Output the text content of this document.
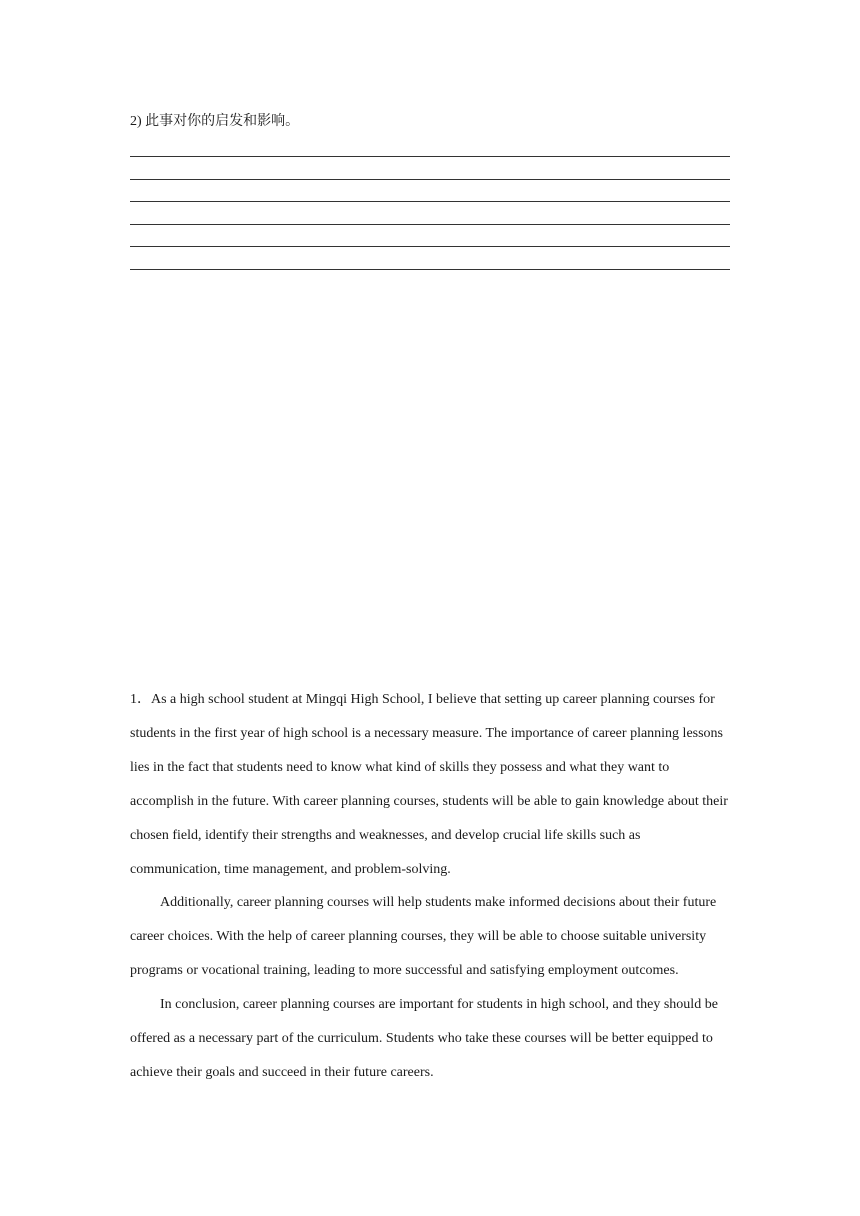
2) 此事对你的启发和影响。

1．As a high school student at Mingqi High School, I believe that setting up career planning courses for students in the first year of high school is a necessary measure. The importance of career planning lessons lies in the fact that students need to know what kind of skills they possess and what they want to accomplish in the future. With career planning courses, students will be able to gain knowledge about their chosen field, identify their strengths and weaknesses, and develop crucial life skills such as communication, time management, and problem-solving.

Additionally, career planning courses will help students make informed decisions about their future career choices. With the help of career planning courses, they will be able to choose suitable university programs or vocational training, leading to more successful and satisfying employment outcomes.

In conclusion, career planning courses are important for students in high school, and they should be offered as a necessary part of the curriculum. Students who take these courses will be better equipped to achieve their goals and succeed in their future careers.
